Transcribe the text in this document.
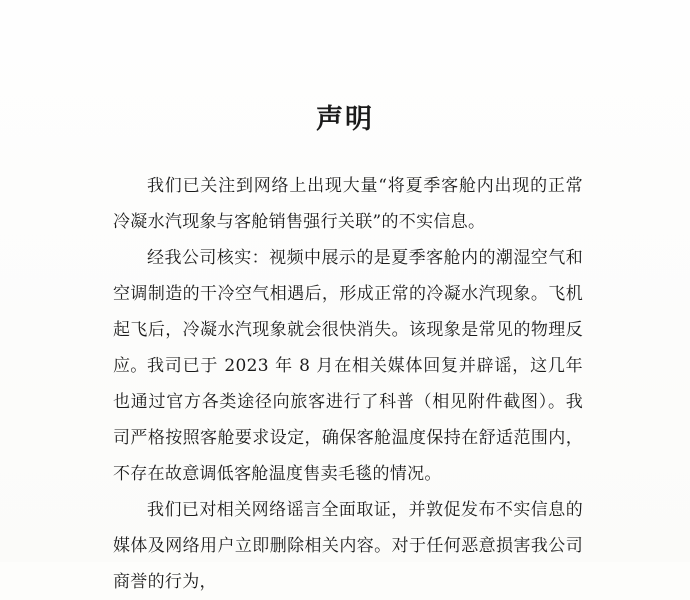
声明

我们已关注到网络上出现大量“将夏季客舱内出现的正常冷凝水汽现象与客舱销售强行关联”的不实信息。

经我公司核实：视频中展示的是夏季客舱内的潮湿空气和空调制造的干冷空气相遇后，形成正常的冷凝水汽现象。飞机起飞后，冷凝水汽现象就会很快消失。该现象是常见的物理反应。 我司已于 2023 年 8 月在相关媒体回复并辟谣，这几年也通过官方各类途径向旅客进行了科普（相见附件截图）。我司严格按照客舱要求设定，确保客舱温度保持在舒适范围内，不存在故意调低客舱温度售卖毛毯的情况。

我们已对相关网络谣言全面取证，并敦促发布不实信息的媒体及网络用户立即删除相关内容。对于任何恶意损害我公司商誉的行为，
